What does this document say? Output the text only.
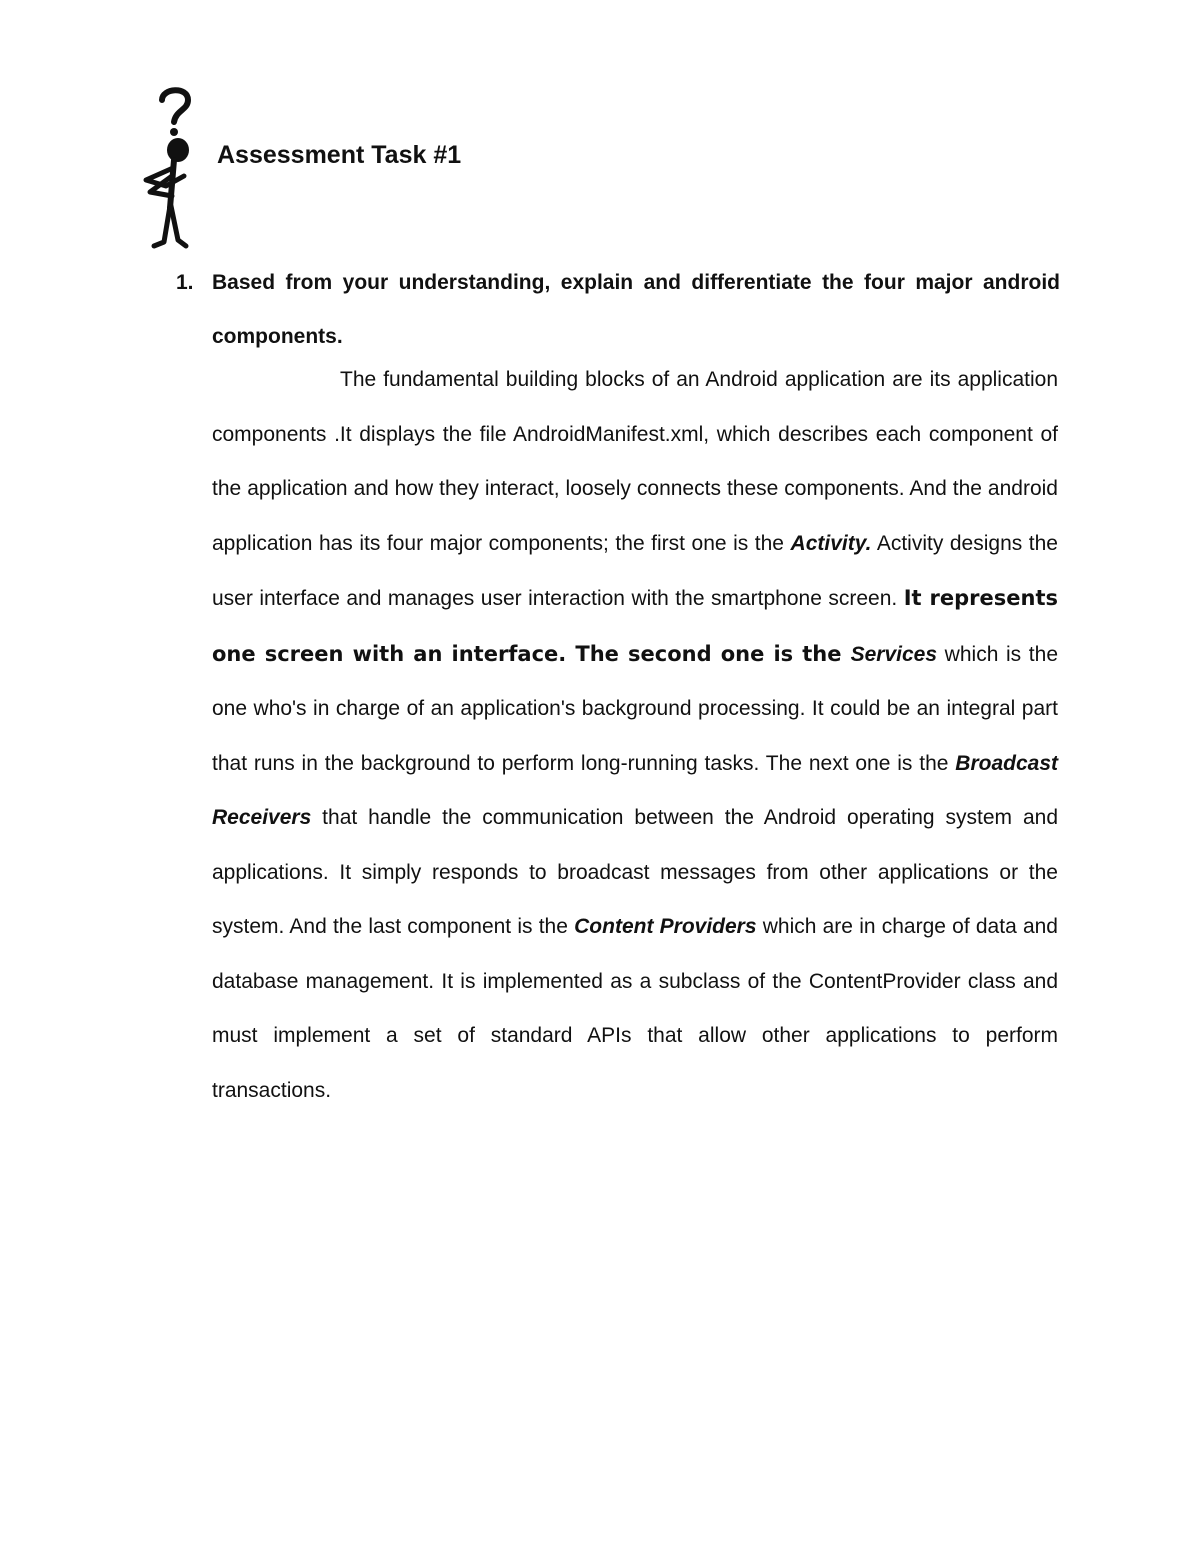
Assessment Task #1
1. Based from your understanding, explain and differentiate the four major android components.

The fundamental building blocks of an Android application are its application components .It displays the file AndroidManifest.xml, which describes each component of the application and how they interact, loosely connects these components. And the android application has its four major components; the first one is the Activity. Activity designs the user interface and manages user interaction with the smartphone screen. It represents one screen with an interface. The second one is the Services which is the one who's in charge of an application's background processing. It could be an integral part that runs in the background to perform long-running tasks. The next one is the Broadcast Receivers that handle the communication between the Android operating system and applications. It simply responds to broadcast messages from other applications or the system. And the last component is the Content Providers which are in charge of data and database management. It is implemented as a subclass of the ContentProvider class and must implement a set of standard APIs that allow other applications to perform transactions.
